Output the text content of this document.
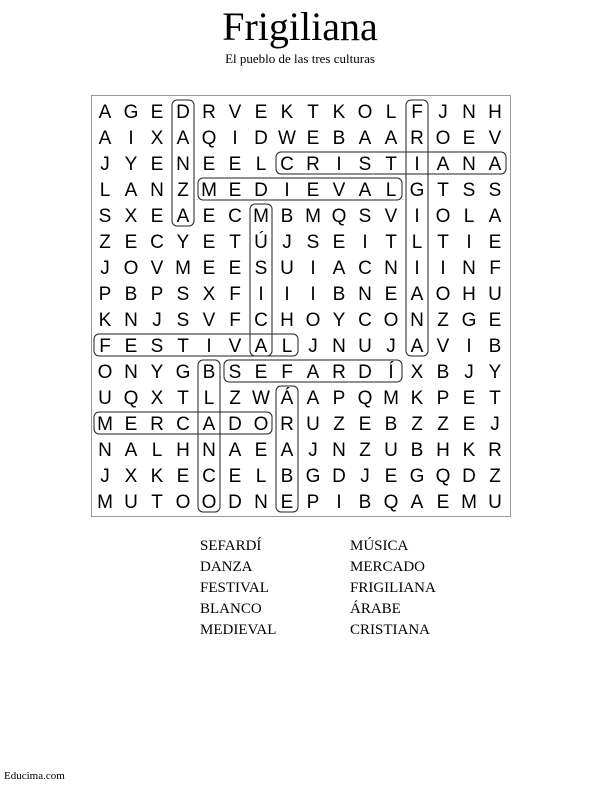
Frigiliana
El pueblo de las tres culturas
A G E D R V E K T K O L F J N H
A I X A Q I D W E B A A R O E V
J Y E N E E L C R I S T I A N A
L A N Z M E D I E V A L G T S S
S X E A E C M B M Q S V I O L A
Z E C Y E T Ú J S E I T L T I E
J O V M E E S U I A C N I I N F
P B P S X F I I I B N E A O H U
K N J S V F C H O Y C O N Z G E
F E S T I V A L J N U J A V I B
O N Y G B S E F A R D Í X B J Y
U Q X T L Z W Á A P Q M K P E T
M E R C A D O R U Z E B Z Z E J
N A L H N A E A J N Z U B H K R
J X K E C E L B G D J E G Q D Z
M U T O O D N E P I B Q A E M U
SEFARDÍ
DANZA
FESTIVAL
BLANCO
MEDIEVAL
MÚSICA
MERCADO
FRIGILIANA
ÁRABE
CRISTIANA
Educima.com
